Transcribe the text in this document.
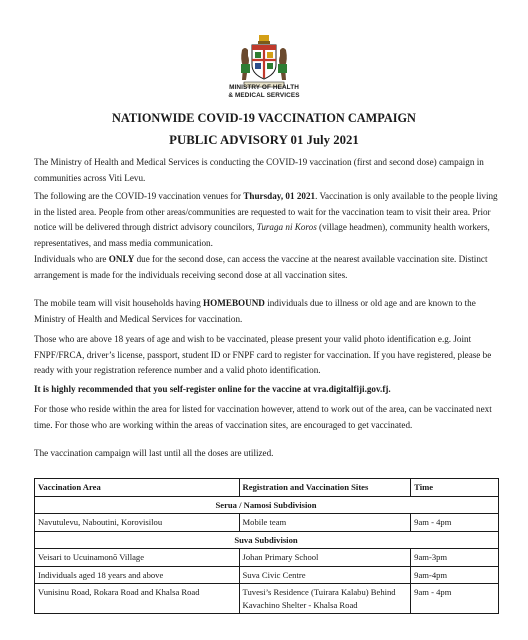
MINISTRY OF HEALTH
& MEDICAL SERVICES
NATIONWIDE COVID-19 VACCINATION CAMPAIGN
PUBLIC ADVISORY 01 July 2021
The Ministry of Health and Medical Services is conducting the COVID-19 vaccination (first and second dose) campaign in communities across Viti Levu.
The following are the COVID-19 vaccination venues for Thursday, 01 2021. Vaccination is only available to the people living in the listed area. People from other areas/communities are requested to wait for the vaccination team to visit their area. Prior notice will be delivered through district advisory councilors, Turaga ni Koros (village headmen), community health workers, representatives, and mass media communication.
Individuals who are ONLY due for the second dose, can access the vaccine at the nearest available vaccination site. Distinct arrangement is made for the individuals receiving second dose at all vaccination sites.
The mobile team will visit households having HOMEBOUND individuals due to illness or old age and are known to the Ministry of Health and Medical Services for vaccination.
Those who are above 18 years of age and wish to be vaccinated, please present your valid photo identification e.g. Joint FNPF/FRCA, driver’s license, passport, student ID or FNPF card to register for vaccination. If you have registered, please be ready with your registration reference number and a valid photo identification.
It is highly recommended that you self-register online for the vaccine at vra.digitalfiji.gov.fj.
For those who reside within the area for listed for vaccination however, attend to work out of the area, can be vaccinated next time. For those who are working within the areas of vaccination sites, are encouraged to get vaccinated.
The vaccination campaign will last until all the doses are utilized.
Vaccination Area	Registration and Vaccination Sites	Time
Serua / Namosi Subdivision		
Navutulevu, Naboutini, Korovisilou	Mobile team	9am - 4pm
Suva Subdivision		
Veisari to Ucuinamonō Village	Johan Primary School	9am-3pm
Individuals aged 18 years and above	Suva Civic Centre	9am-4pm
Vunisinu Road, Rokara Road and Khalsa Road	Tuvesi’s Residence (Tuirara Kalabu) Behind Kavachino Shelter - Khalsa Road	9am - 4pm
